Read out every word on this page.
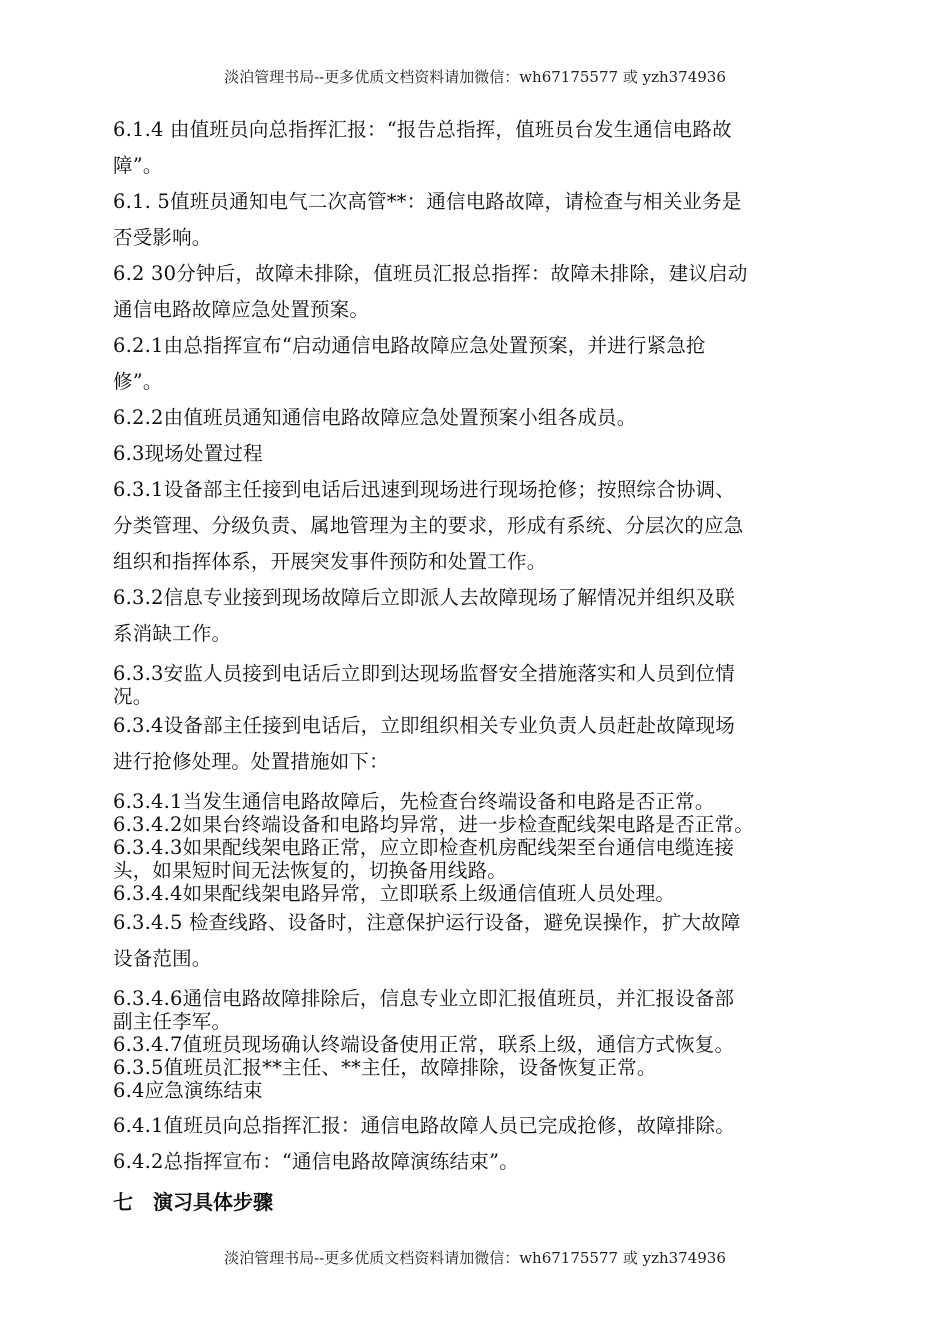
淡泊管理书局--更多优质文档资料请加微信：wh67175577 或 yzh374936
6.1.4 由值班员向总指挥汇报：“报告总指挥，值班员台发生通信电路故
障”。
6.1. 5值班员通知电气二次高管**：通信电路故障，请检查与相关业务是
否受影响。
6.2 30分钟后，故障未排除，值班员汇报总指挥：故障未排除，建议启动
通信电路故障应急处置预案。
6.2.1由总指挥宣布“启动通信电路故障应急处置预案，并进行紧急抢
修”。
6.2.2由值班员通知通信电路故障应急处置预案小组各成员。
6.3现场处置过程
6.3.1设备部主任接到电话后迅速到现场进行现场抢修；按照综合协调、
分类管理、分级负责、属地管理为主的要求，形成有系统、分层次的应急
组织和指挥体系，开展突发事件预防和处置工作。
6.3.2信息专业接到现场故障后立即派人去故障现场了解情况并组织及联
系消缺工作。
6.3.3安监人员接到电话后立即到达现场监督安全措施落实和人员到位情
况。
6.3.4设备部主任接到电话后，立即组织相关专业负责人员赶赴故障现场
进行抢修处理。处置措施如下：
6.3.4.1当发生通信电路故障后，先检查台终端设备和电路是否正常。
6.3.4.2如果台终端设备和电路均异常，进一步检查配线架电路是否正常。
6.3.4.3如果配线架电路正常，应立即检查机房配线架至台通信电缆连接
头，如果短时间无法恢复的，切换备用线路。
6.3.4.4如果配线架电路异常，立即联系上级通信值班人员处理。
6.3.4.5 检查线路、设备时，注意保护运行设备，避免误操作，扩大故障
设备范围。
6.3.4.6通信电路故障排除后，信息专业立即汇报值班员，并汇报设备部
副主任李军。
6.3.4.7值班员现场确认终端设备使用正常，联系上级，通信方式恢复。
6.3.5值班员汇报**主任、**主任，故障排除，设备恢复正常。
6.4应急演练结束
6.4.1值班员向总指挥汇报：通信电路故障人员已完成抢修，故障排除。
6.4.2总指挥宣布：“通信电路故障演练结束”。
七　演习具体步骤
淡泊管理书局--更多优质文档资料请加微信：wh67175577 或 yzh374936
